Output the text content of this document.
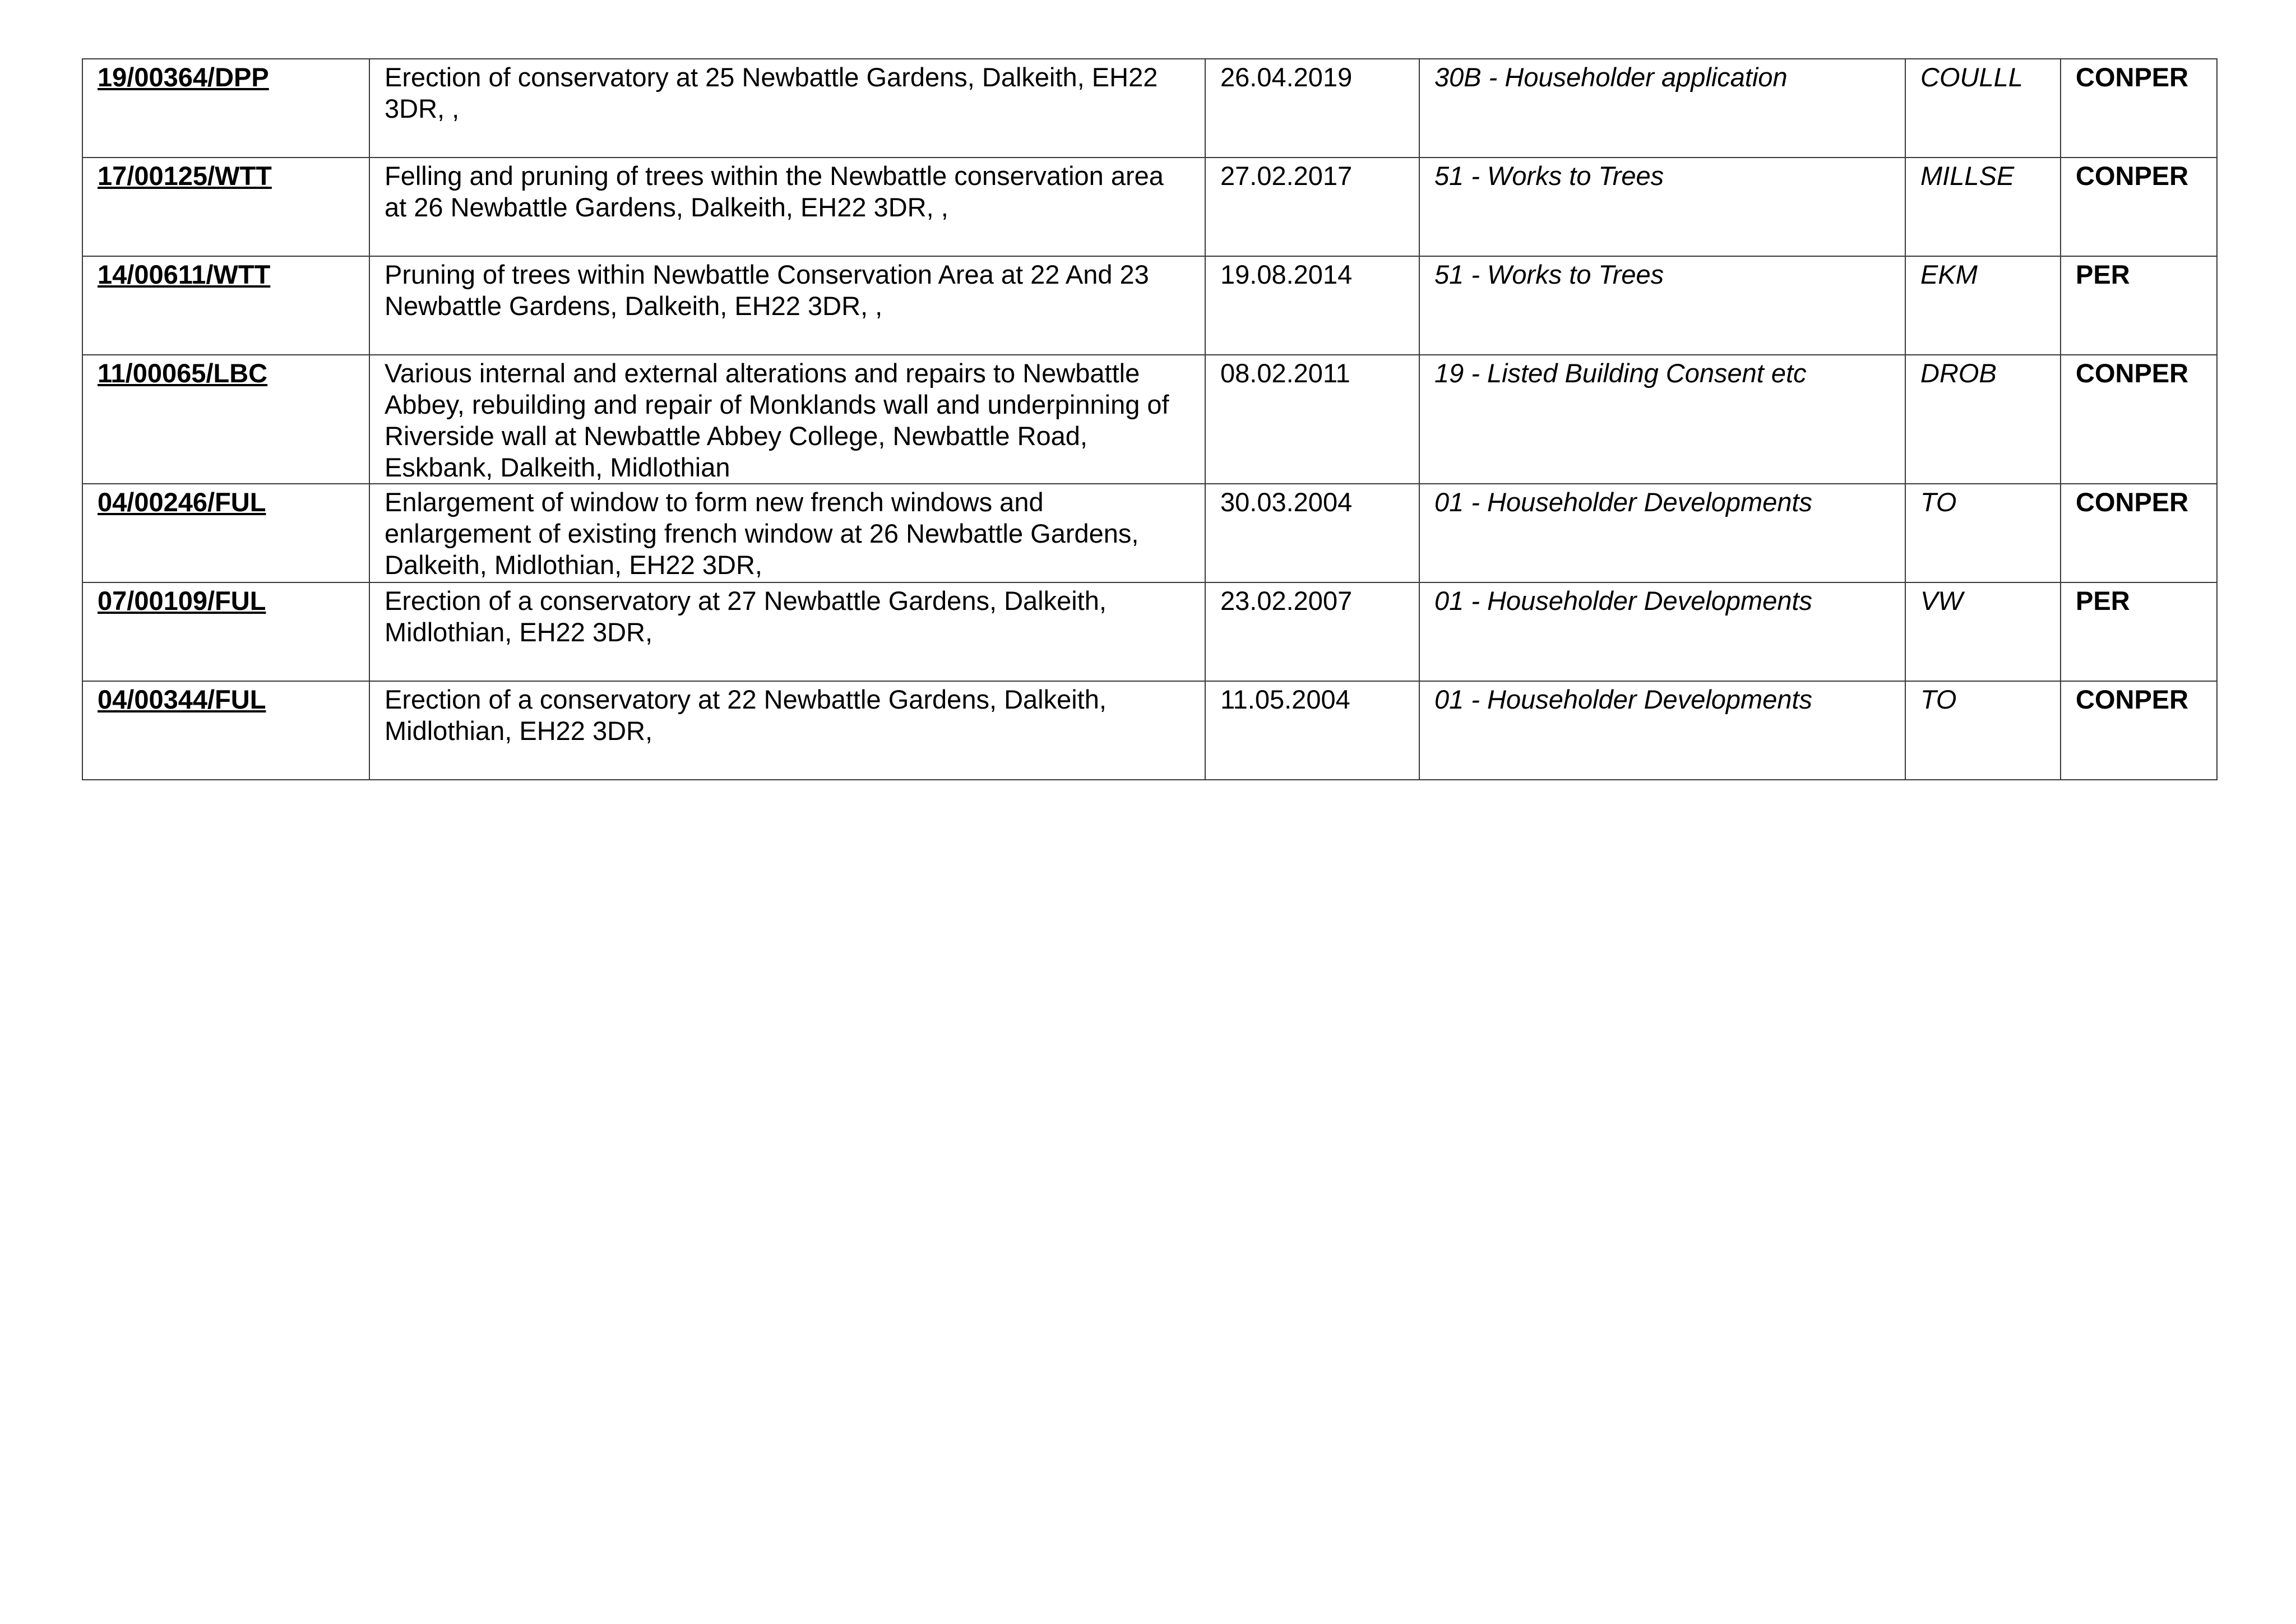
19/00364/DPP	Erection of conservatory at 25 Newbattle Gardens, Dalkeith, EH22 3DR, ,	26.04.2019	30B - Householder application	COULLL	CONPER
17/00125/WTT	Felling and pruning of trees within the Newbattle conservation area at 26 Newbattle Gardens, Dalkeith, EH22 3DR, ,	27.02.2017	51 - Works to Trees	MILLSE	CONPER
14/00611/WTT	Pruning of trees within Newbattle Conservation Area at 22 And 23 Newbattle Gardens, Dalkeith, EH22 3DR, ,	19.08.2014	51 - Works to Trees	EKM	PER
11/00065/LBC	Various internal and external alterations and repairs to Newbattle Abbey, rebuilding and repair of Monklands wall and underpinning of Riverside wall at Newbattle Abbey College, Newbattle Road, Eskbank, Dalkeith, Midlothian	08.02.2011	19 - Listed Building Consent etc	DROB	CONPER
04/00246/FUL	Enlargement of window to form new french windows and enlargement of existing french window at 26 Newbattle Gardens, Dalkeith, Midlothian, EH22 3DR,	30.03.2004	01 - Householder Developments	TO	CONPER
07/00109/FUL	Erection of a conservatory at 27 Newbattle Gardens, Dalkeith, Midlothian, EH22 3DR,	23.02.2007	01 - Householder Developments	VW	PER
04/00344/FUL	Erection of a conservatory at 22 Newbattle Gardens, Dalkeith, Midlothian, EH22 3DR,	11.05.2004	01 - Householder Developments	TO	CONPER
